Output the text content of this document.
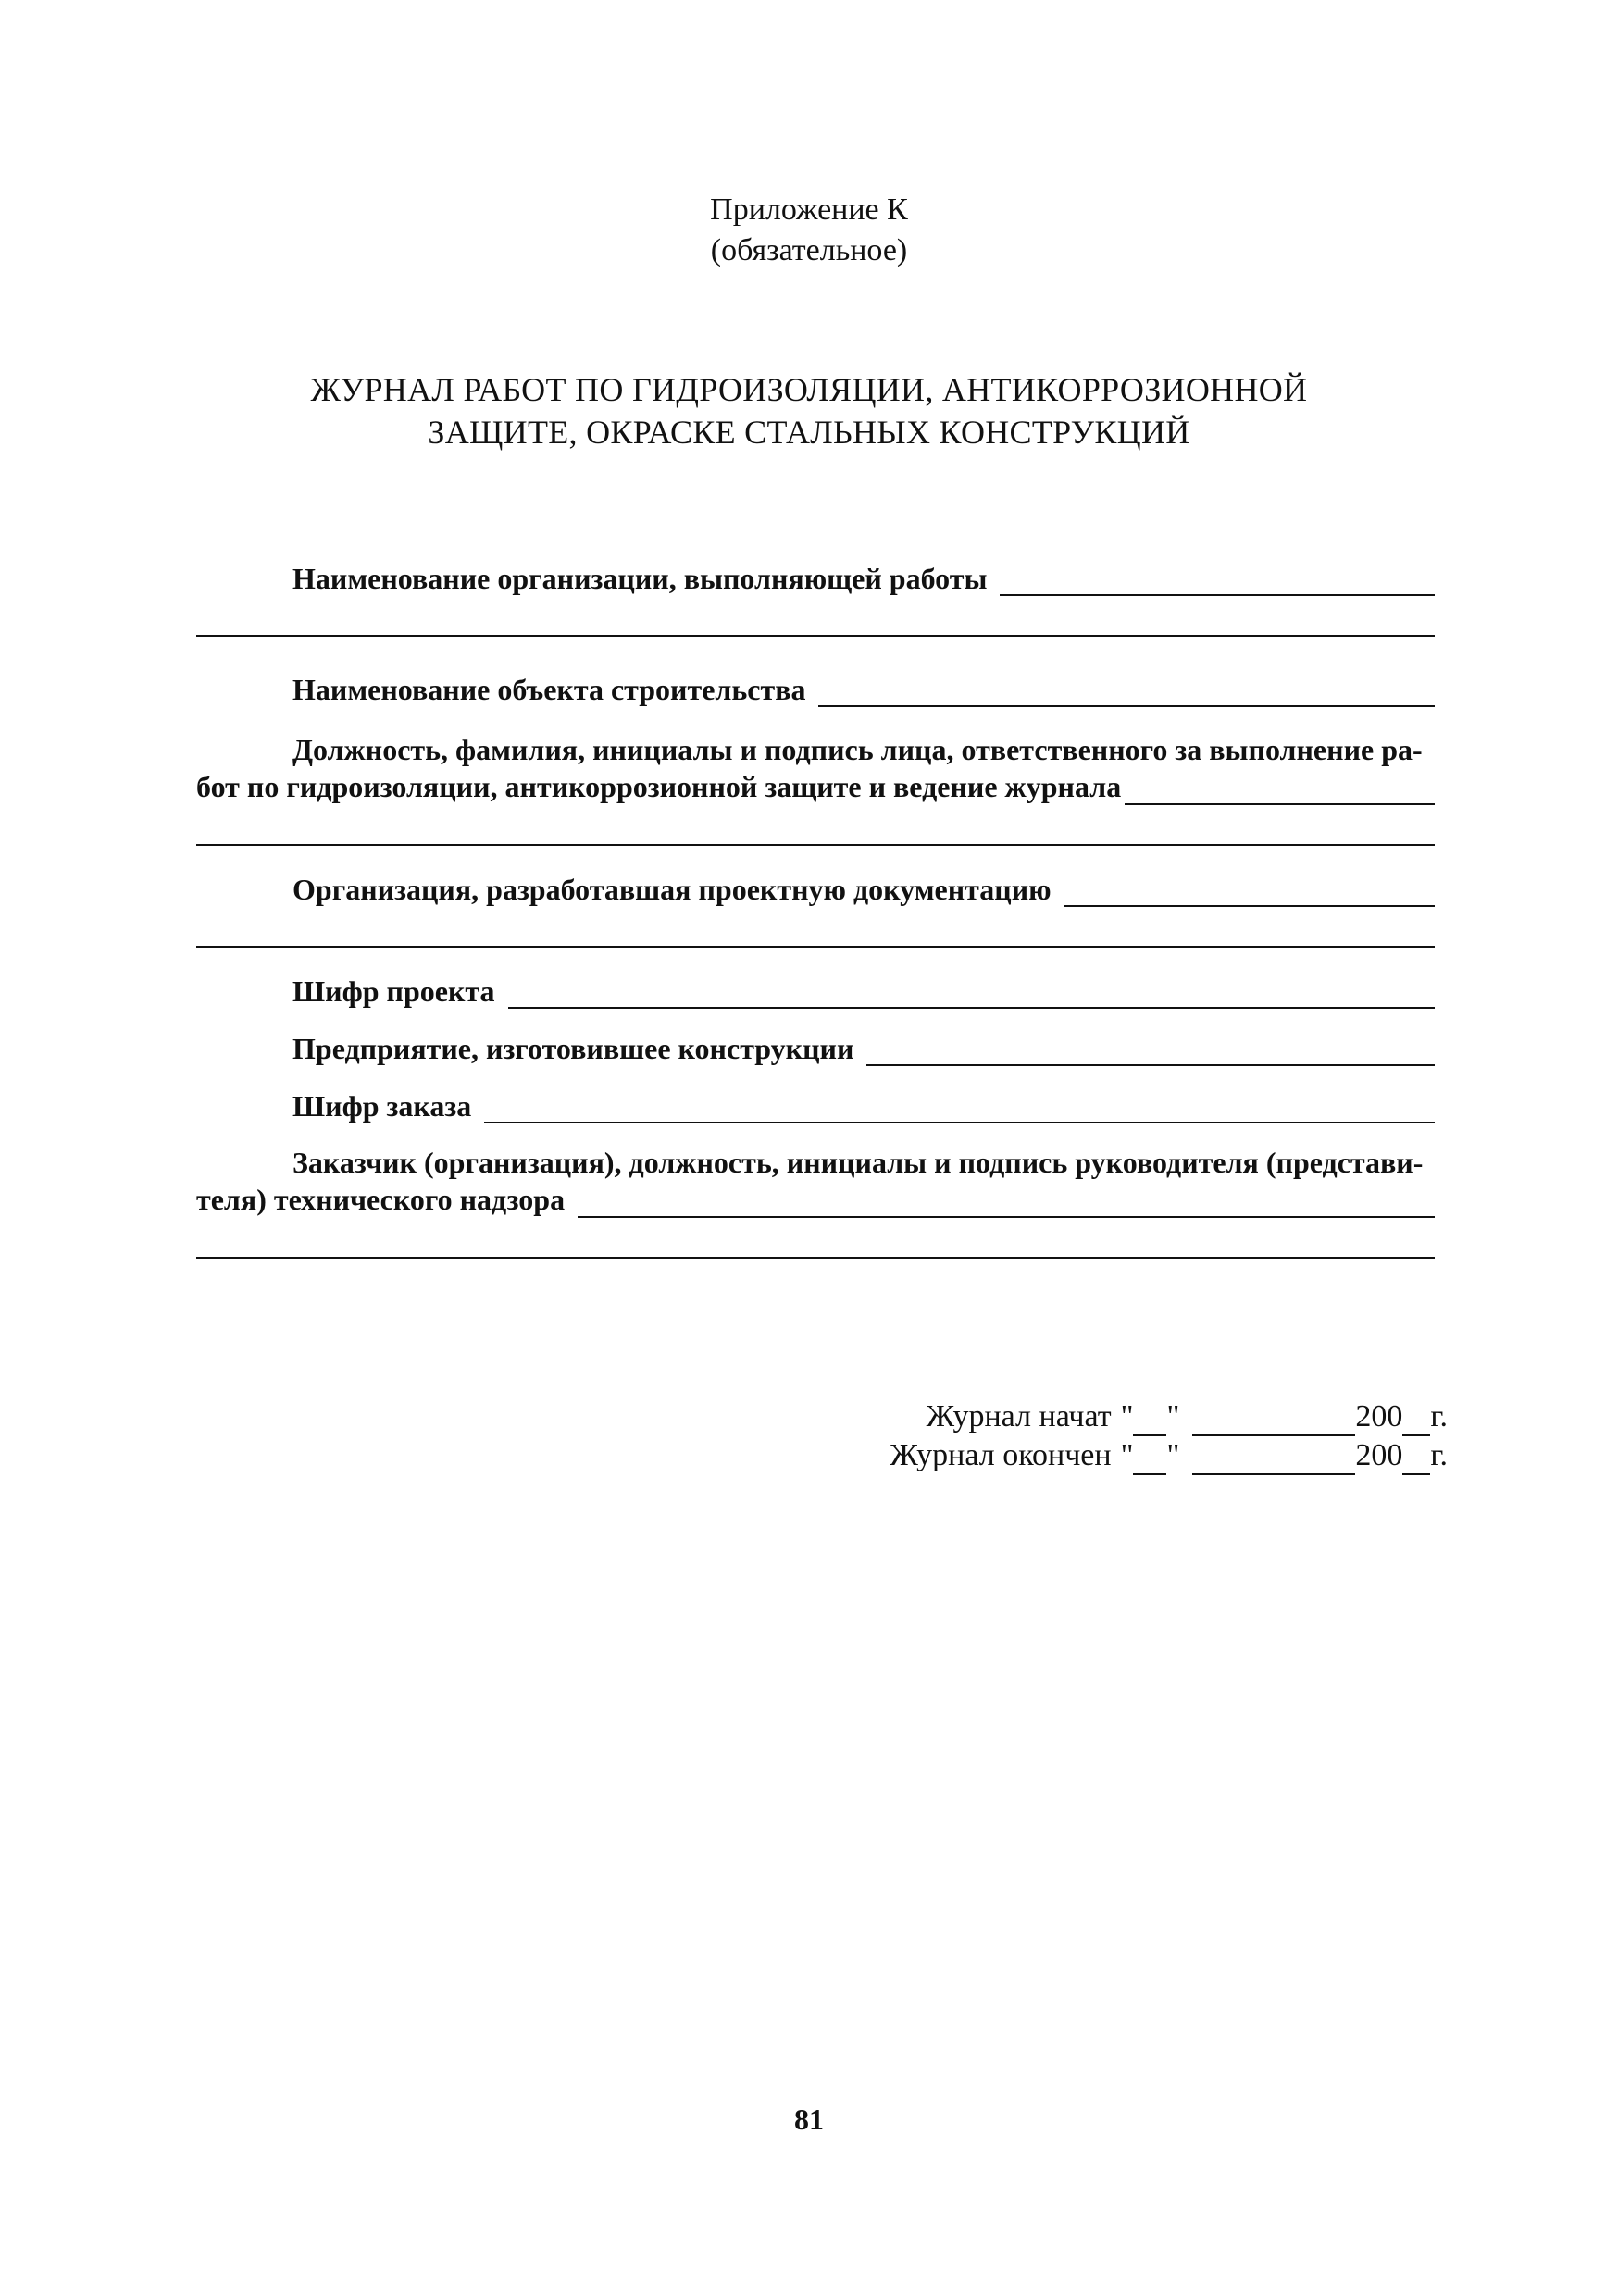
Приложение К
(обязательное)
ЖУРНАЛ РАБОТ ПО ГИДРОИЗОЛЯЦИИ, АНТИКОРРОЗИОННОЙ
ЗАЩИТЕ, ОКРАСКЕ СТАЛЬНЫХ КОНСТРУКЦИЙ
Наименование организации, выполняющей работы
Наименование объекта строительства
Должность, фамилия, инициалы и подпись лица, ответственного за выполнение ра-
бот по гидроизоляции, антикоррозионной защите и ведение журнала
Организация, разработавшая проектную документацию
Шифр проекта
Предприятие, изготовившее конструкции
Шифр заказа
Заказчик (организация), должность, инициалы и подпись руководителя (представи-
теля) технического надзора
Журнал начат " "	200 г.
Журнал окончен " "	200 г.
81
